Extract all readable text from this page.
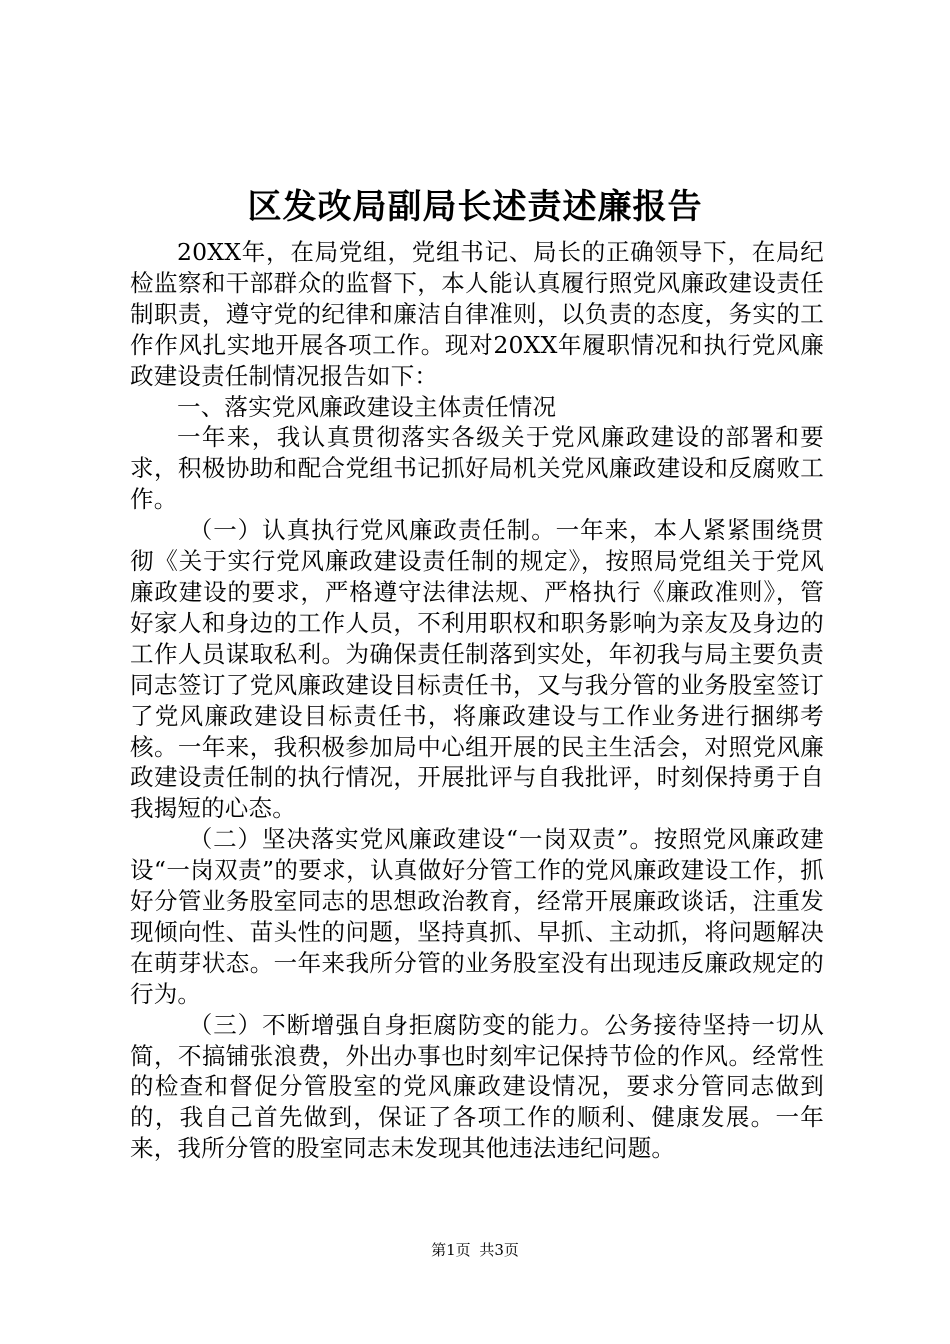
区发改局副局长述责述廉报告

20XX年，在局党组，党组书记、局长的正确领导下，在局纪检监察和干部群众的监督下，本人能认真履行照党风廉政建设责任制职责，遵守党的纪律和廉洁自律准则，以负责的态度，务实的工作作风扎实地开展各项工作。现对20XX年履职情况和执行党风廉政建设责任制情况报告如下：

一、落实党风廉政建设主体责任情况

一年来，我认真贯彻落实各级关于党风廉政建设的部署和要求，积极协助和配合党组书记抓好局机关党风廉政建设和反腐败工作。

（一）认真执行党风廉政责任制。一年来，本人紧紧围绕贯彻《关于实行党风廉政建设责任制的规定》，按照局党组关于党风廉政建设的要求，严格遵守法律法规、严格执行《廉政准则》，管好家人和身边的工作人员，不利用职权和职务影响为亲友及身边的工作人员谋取私利。为确保责任制落到实处，年初我与局主要负责同志签订了党风廉政建设目标责任书，又与我分管的业务股室签订了党风廉政建设目标责任书，将廉政建设与工作业务进行捆绑考核。一年来，我积极参加局中心组开展的民主生活会，对照党风廉政建设责任制的执行情况，开展批评与自我批评，时刻保持勇于自我揭短的心态。

（二）坚决落实党风廉政建设“一岗双责”。按照党风廉政建设“一岗双责”的要求，认真做好分管工作的党风廉政建设工作，抓好分管业务股室同志的思想政治教育，经常开展廉政谈话，注重发现倾向性、苗头性的问题，坚持真抓、早抓、主动抓，将问题解决在萌芽状态。一年来我所分管的业务股室没有出现违反廉政规定的行为。

（三）不断增强自身拒腐防变的能力。公务接待坚持一切从简，不搞铺张浪费，外出办事也时刻牢记保持节俭的作风。经常性的检查和督促分管股室的党风廉政建设情况，要求分管同志做到的，我自己首先做到，保证了各项工作的顺利、健康发展。一年来，我所分管的股室同志未发现其他违法违纪问题。

第1页 共3页
